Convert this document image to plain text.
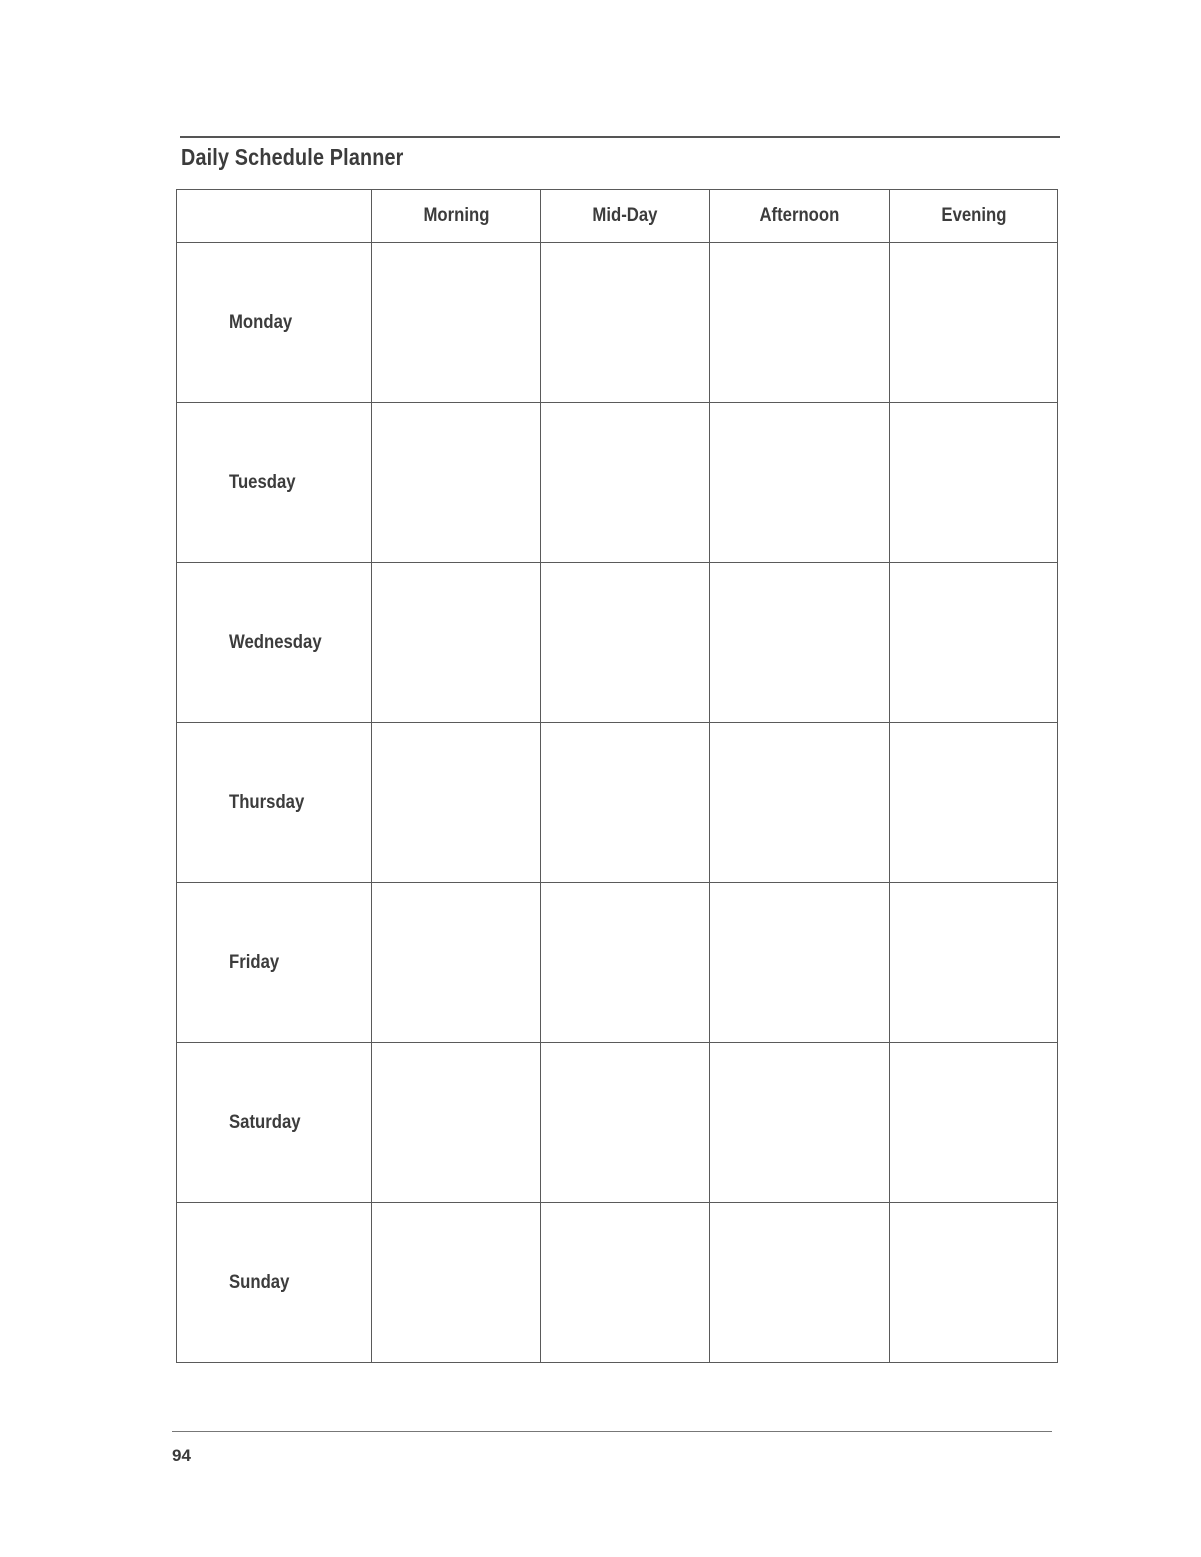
Daily Schedule Planner
	Morning	Mid-Day	Afternoon	Evening
Monday				
Tuesday				
Wednesday				
Thursday				
Friday				
Saturday				
Sunday				
94
